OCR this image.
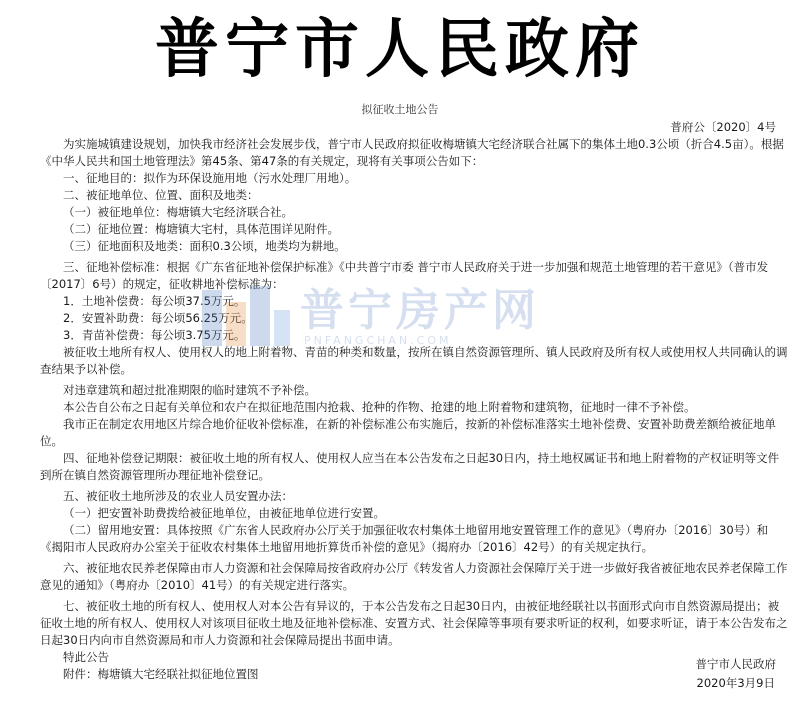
普宁市人民政府
拟征收土地公告
普府公〔2020〕4号

为实施城镇建设规划，加快我市经济社会发展步伐，普宁市人民政府拟征收梅塘镇大宅经济联合社属下的集体土地0.3公顷（折合4.5亩）。根据《中华人民共和国土地管理法》第45条、第47条的有关规定，现将有关事项公告如下：

一、征地目的：拟作为环保设施用地（污水处理厂用地）。

二、被征地单位、位置、面积及地类：

（一）被征地单位：梅塘镇大宅经济联合社。

（二）征地位置：梅塘镇大宅村，具体范围详见附件。

（三）征地面积及地类：面积0.3公顷，地类均为耕地。

三、征地补偿标准：根据《广东省征地补偿保护标准》《中共普宁市委 普宁市人民政府关于进一步加强和规范土地管理的若干意见》（普市发〔2017〕6号）的规定，征收耕地补偿标准为：

1．土地补偿费：每公顷37.5万元。

2．安置补助费：每公顷56.25万元。

3．青苗补偿费：每公顷3.75万元。

被征收土地所有权人、使用权人的地上附着物、青苗的种类和数量，按所在镇自然资源管理所、镇人民政府及所有权人或使用权人共同确认的调查结果予以补偿。

对违章建筑和超过批准期限的临时建筑不予补偿。

本公告自公布之日起有关单位和农户在拟征地范围内抢栽、抢种的作物、抢建的地上附着物和建筑物，征地时一律不予补偿。

我市正在制定农用地区片综合地价征收补偿标准，在新的补偿标准公布实施后，按新的补偿标准落实土地补偿费、安置补助费差额给被征地单位。

四、征地补偿登记期限：被征收土地的所有权人、使用权人应当在本公告发布之日起30日内，持土地权属证书和地上附着物的产权证明等文件到所在镇自然资源管理所办理征地补偿登记。

五、被征收土地所涉及的农业人员安置办法：

（一）把安置补助费拨给被征地单位，由被征地单位进行安置。

（二）留用地安置：具体按照《广东省人民政府办公厅关于加强征收农村集体土地留用地安置管理工作的意见》（粤府办〔2016〕30号）和《揭阳市人民政府办公室关于征收农村集体土地留用地折算货币补偿的意见》（揭府办〔2016〕42号）的有关规定执行。

六、被征地农民养老保障由市人力资源和社会保障局按省政府办公厅《转发省人力资源社会保障厅关于进一步做好我省被征地农民养老保障工作意见的通知》（粤府办〔2010〕41号）的有关规定进行落实。

七、被征收土地的所有权人、使用权人对本公告有异议的，于本公告发布之日起30日内，由被征地经联社以书面形式向市自然资源局提出；被征收土地的所有权人、使用权人对该项目征收土地及征地补偿标准、安置方式、社会保障等事项有要求听证的权利，如要求听证，请于本公告发布之日起30日内向市自然资源局和市人力资源和社会保障局提出书面申请。

特此公告

附件：梅塘镇大宅经联社拟征地位置图

普宁市人民政府
2020年3月9日
普宁房产网
PNFANGCHAN.COM
